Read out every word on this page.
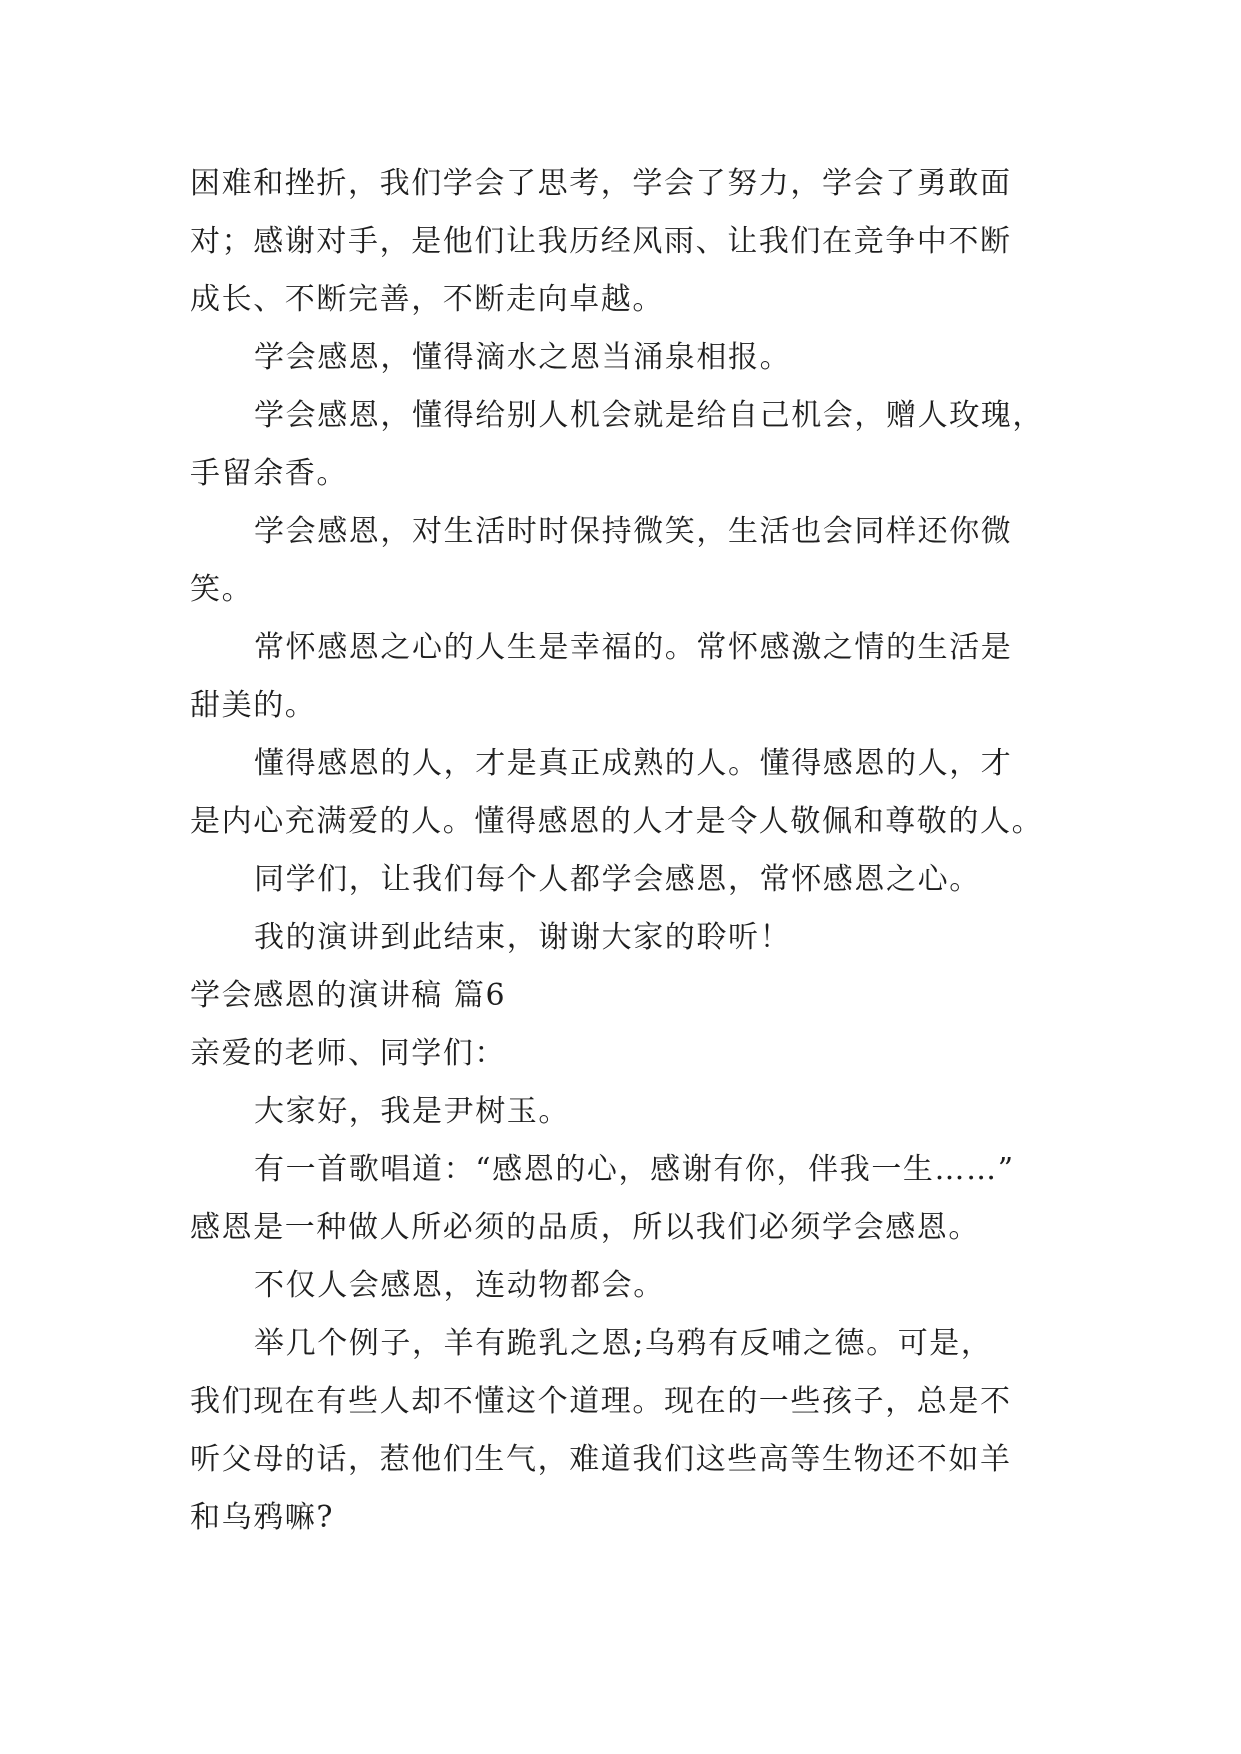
困难和挫折，我们学会了思考，学会了努力，学会了勇敢面
对；感谢对手，是他们让我历经风雨、让我们在竞争中不断
成长、不断完善，不断走向卓越。
学会感恩，懂得滴水之恩当涌泉相报。
学会感恩，懂得给别人机会就是给自己机会，赠人玫瑰，
手留余香。
学会感恩，对生活时时保持微笑，生活也会同样还你微
笑。
常怀感恩之心的人生是幸福的。常怀感激之情的生活是
甜美的。
懂得感恩的人，才是真正成熟的人。懂得感恩的人，才
是内心充满爱的人。懂得感恩的人才是令人敬佩和尊敬的人。
同学们，让我们每个人都学会感恩，常怀感恩之心。
我的演讲到此结束，谢谢大家的聆听！
学会感恩的演讲稿 篇6
亲爱的老师、同学们：
大家好，我是尹树玉。
有一首歌唱道：“感恩的心，感谢有你，伴我一生……”
感恩是一种做人所必须的品质，所以我们必须学会感恩。
不仅人会感恩，连动物都会。
举几个例子，羊有跪乳之恩;乌鸦有反哺之德。可是，
我们现在有些人却不懂这个道理。现在的一些孩子，总是不
听父母的话，惹他们生气，难道我们这些高等生物还不如羊
和乌鸦嘛?
